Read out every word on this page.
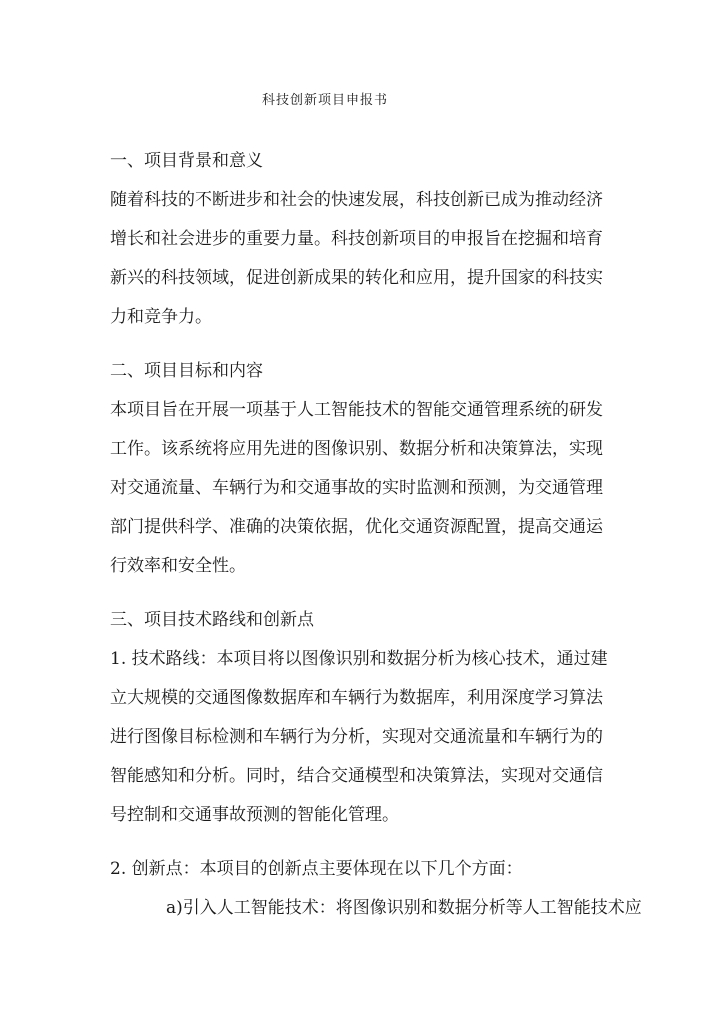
科技创新项目申报书
一、项目背景和意义
随着科技的不断进步和社会的快速发展，科技创新已成为推动经济
增长和社会进步的重要力量。科技创新项目的申报旨在挖掘和培育
新兴的科技领域，促进创新成果的转化和应用，提升国家的科技实
力和竞争力。
二、项目目标和内容
本项目旨在开展一项基于人工智能技术的智能交通管理系统的研发
工作。该系统将应用先进的图像识别、数据分析和决策算法，实现
对交通流量、车辆行为和交通事故的实时监测和预测，为交通管理
部门提供科学、准确的决策依据，优化交通资源配置，提高交通运
行效率和安全性。
三、项目技术路线和创新点
1. 技术路线：本项目将以图像识别和数据分析为核心技术，通过建
立大规模的交通图像数据库和车辆行为数据库，利用深度学习算法
进行图像目标检测和车辆行为分析，实现对交通流量和车辆行为的
智能感知和分析。同时，结合交通模型和决策算法，实现对交通信
号控制和交通事故预测的智能化管理。
2. 创新点：本项目的创新点主要体现在以下几个方面：
a)引入人工智能技术：将图像识别和数据分析等人工智能技术应
